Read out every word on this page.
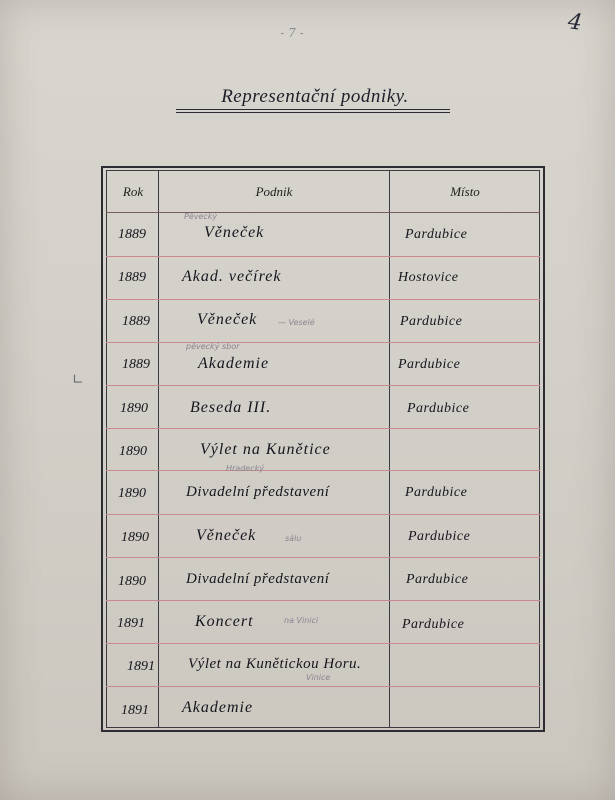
- 7 -	4
Representační podniky.
Rok	Podnik	Místo
1889	Věneček	Pardubice
Pěvecký
1889 Akad. večírek	Hostovice
1889	Věneček	Pardubice
— Veselé
1889	Akademie	Pardubice
pěvecký sbor
1890	Beseda III.	Pardubice
1890	Výlet na Kunětice
Hradecký
1890	Divadelní představení	Pardubice
1890	Věneček	Pardubice
sálu
1890	Divadelní představení	Pardubice
1891	Koncert	Pardubice
na Vinici
1891 Výlet na Kunětickou Horu.
Vinice
1891 Akademie
∟
